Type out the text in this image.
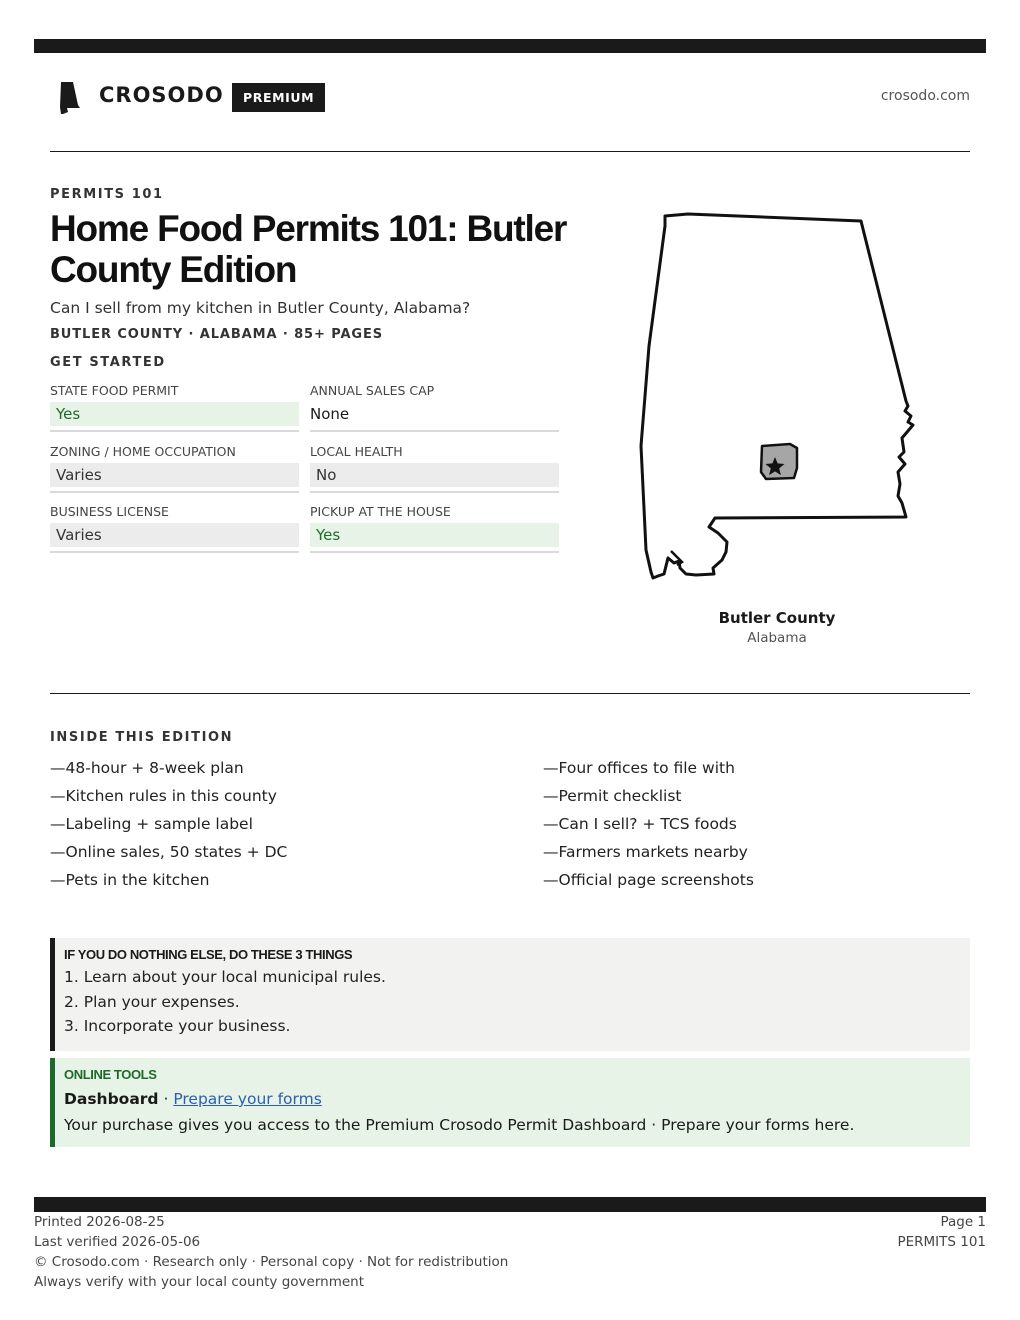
CROSODO	PREMIUM	crosodo.com
PERMITS 101
Home Food Permits 101: Butler County Edition

Can I sell from my kitchen in Butler County, Alabama?

BUTLER COUNTY · ALABAMA · 85+ PAGES
GET STARTED
STATE FOOD PERMIT
Yes
ANNUAL SALES CAP
None
ZONING / HOME OCCUPATION
Varies
LOCAL HEALTH
No
BUSINESS LICENSE
Varies
PICKUP AT THE HOUSE
Yes
Butler County
Alabama
INSIDE THIS EDITION
—48-hour + 8-week plan
—Kitchen rules in this county
—Labeling + sample label
—Online sales, 50 states + DC
—Pets in the kitchen
—Four offices to file with
—Permit checklist
—Can I sell? + TCS foods
—Farmers markets nearby
—Official page screenshots
IF YOU DO NOTHING ELSE, DO THESE 3 THINGS
1. Learn about your local municipal rules.
2. Plan your expenses.
3. Incorporate your business.
ONLINE TOOLS
Dashboard · Prepare your forms
Your purchase gives you access to the Premium Crosodo Permit Dashboard · Prepare your forms here.
Printed 2026-08-25
Last verified 2026-05-06
© Crosodo.com · Research only · Personal copy · Not for redistribution
Always verify with your local county government
Page 1
PERMITS 101
